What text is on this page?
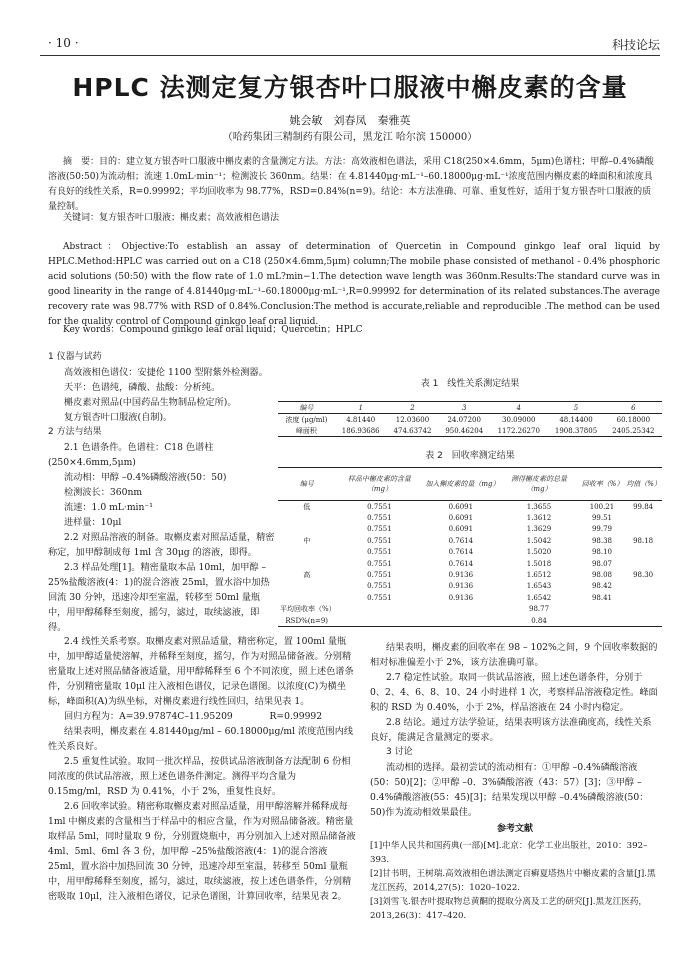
· 10 ·	科技论坛
HPLC 法测定复方银杏叶口服液中槲皮素的含量
姚会敏　刘春凤　秦雅英
（哈药集团三精制药有限公司，黑龙江 哈尔滨 150000）
摘　要：目的：建立复方银杏叶口服液中槲皮素的含量测定方法。方法：高效液相色谱法，采用 C18(250×4.6mm，5μm)色谱柱；甲醇–0.4%磷酸溶液(50:50)为流动相；流速 1.0mL·min⁻¹；检测波长 360nm。结果：在 4.81440μg·mL⁻¹–60.18000μg·mL⁻¹浓度范围内槲皮素的峰面积和浓度具有良好的线性关系，R=0.99992；平均回收率为 98.77%，RSD=0.84%(n=9)。结论：本方法准确、可靠、重复性好，适用于复方银杏叶口服液的质量控制。
关键词：复方银杏叶口服液；槲皮素；高效液相色谱法
Abstract：Objective:To establish an assay of determination of Quercetin in Compound ginkgo leaf oral liquid by HPLC.Method:HPLC was carried out on a C18 (250×4.6mm,5μm) column;The mobile phase consisted of methanol - 0.4% phosphoric acid solutions (50:50) with the flow rate of 1.0 mL?min−1.The detection wave length was 360nm.Results:The standard curve was in good linearity in the range of 4.81440μg·mL⁻¹–60.18000μg·mL⁻¹,R=0.99992 for determination of its related substances.The average recovery rate was 98.77% with RSD of 0.84%.Conclusion:The method is accurate,reliable and reproducible .The method can be used for the quality control of Compound ginkgo leaf oral liquid.
Key words：Compound ginkgo leaf oral liquid；Quercetin；HPLC
1 仪器与试药

高效液相色谱仪：安捷伦 1100 型附紫外检测器。

天平：色谱纯，磷酸、盐酸：分析纯。

槲皮素对照品(中国药品生物制品检定所)。

复方银杏叶口服液(自制)。

2 方法与结果

2.1 色谱条件。色谱柱：C18 色谱柱 (250×4.6mm,5μm)

流动相：甲醇 –0.4%磷酸溶液(50：50)

检测波长：360nm

流速：1.0 mL·min⁻¹

进样量：10μl

2.2 对照品溶液的制备。取槲皮素对照品适量，精密称定，加甲醇制成每 1ml 含 30μg 的溶液，即得。

2.3 样品处理[1]。精密量取本品 10ml，加甲醇 –25%盐酸溶液(4：1)的混合溶液 25ml，置水浴中加热回流 30 分钟，迅速冷却至室温，转移至 50ml 量瓶中，用甲醇稀释至刻度，摇匀，滤过，取续滤液，即得。

表 1　线性关系测定结果
编号	1	2	3	4	5	6
浓度 (μg/ml)	4.81440	12.03600	24.07200	30.09000	48.14400	60.18000
峰面积	186.93686	474.63742	950.46204	1172.26270	1908.37805	2405.25342
表 2　回收率测定结果
编号	样品中槲皮素的含量（mg）	加入槲皮素的量（mg）	测得槲皮素的总量（mg）	回收率（%）	均值（%）
低	0.7551	0.6091	1.3655	100.21	99.84
	0.7551	0.6091	1.3612	99.51	
	0.7551	0.6091	1.3629	99.79	
中	0.7551	0.7614	1.5042	98.38	98.18
	0.7551	0.7614	1.5020	98.10	
	0.7551	0.7614	1.5018	98.07	
高	0.7551	0.9136	1.6512	98.08	98.30
	0.7551	0.9136	1.6543	98.42	
	0.7551	0.9136	1.6542	98.41	
平均回收率（%）			98.77		
RSD%(n=9)			0.84		

2.4 线性关系考察。取槲皮素对照品适量，精密称定，置 100ml 量瓶中，加甲醇适量使溶解，并稀释至刻度，摇匀，作为对照品储备液。分别精密量取上述对照品储备液适量，用甲醇稀释至 6 个不同浓度，照上述色谱条件，分别精密量取 10μl 注入液相色谱仪，记录色谱图。以浓度(C)为横坐标，峰面积(A)为纵坐标，对槲皮素进行线性回归，结果见表 1。

回归方程为：A=39.97874C–11.95209　　　　R=0.99992

结果表明，槲皮素在 4.81440μg/ml – 60.18000μg/ml 浓度范围内线性关系良好。

2.5 重复性试验。取同一批次样品，按供试品溶液制备方法配制 6 份相同浓度的供试品溶液，照上述色谱条件测定。测得平均含量为 0.15mg/ml，RSD 为 0.41%，小于 2%，重复性良好。

2.6 回收率试验。精密称取槲皮素对照品适量，用甲醇溶解并稀释成每 1ml 中槲皮素的含量相当于样品中的相应含量，作为对照品储备液。精密量取样品 5ml，同时量取 9 份，分别置烧瓶中，再分别加入上述对照品储备液 4ml、5ml、6ml 各 3 份，加甲醇 –25%盐酸溶液(4：1)的混合溶液 25ml，置水浴中加热回流 30 分钟，迅速冷却至室温，转移至 50ml 量瓶中，用甲醇稀释至刻度，摇匀，滤过，取续滤液，按上述色谱条件，分别精密吸取 10μl，注入液相色谱仪，记录色谱图，计算回收率，结果见表 2。

结果表明，槲皮素的回收率在 98 – 102%之间，9 个回收率数据的相对标准偏差小于 2%，该方法准确可靠。

2.7 稳定性试验。取同一供试品溶液，照上述色谱条件，分别于 0、2、4、6、8、10、24 小时进样 1 次，考察样品溶液稳定性。峰面积的 RSD 为 0.40%，小于 2%，样品溶液在 24 小时内稳定。

2.8 结论。通过方法学验证，结果表明该方法准确度高，线性关系良好，能满足含量测定的要求。

3 讨论

流动相的选择。最初尝试的流动相有：①甲醇 –0.4%磷酸溶液(50：50)[2]；②甲醇 –0．3%磷酸溶液（43：57）[3]；③甲醇 –0.4%磷酸溶液(55：45)[3]；结果发现以甲醇 –0.4%磷酸溶液(50：50)作为流动相效果最佳。

参考文献

[1]中华人民共和国药典(一部)[M].北京：化学工业出版社，2010：392–393.

[2]甘书明，王树瑞.高效液相色谱法测定百癣夏塔热片中槲皮素的含量[J].黑龙江医药，2014,27(5)：1020–1022.

[3]刘雪飞.银杏叶提取物总黄酮的提取分离及工艺的研究[J].黑龙江医药，2013,26(3)：417–420.
